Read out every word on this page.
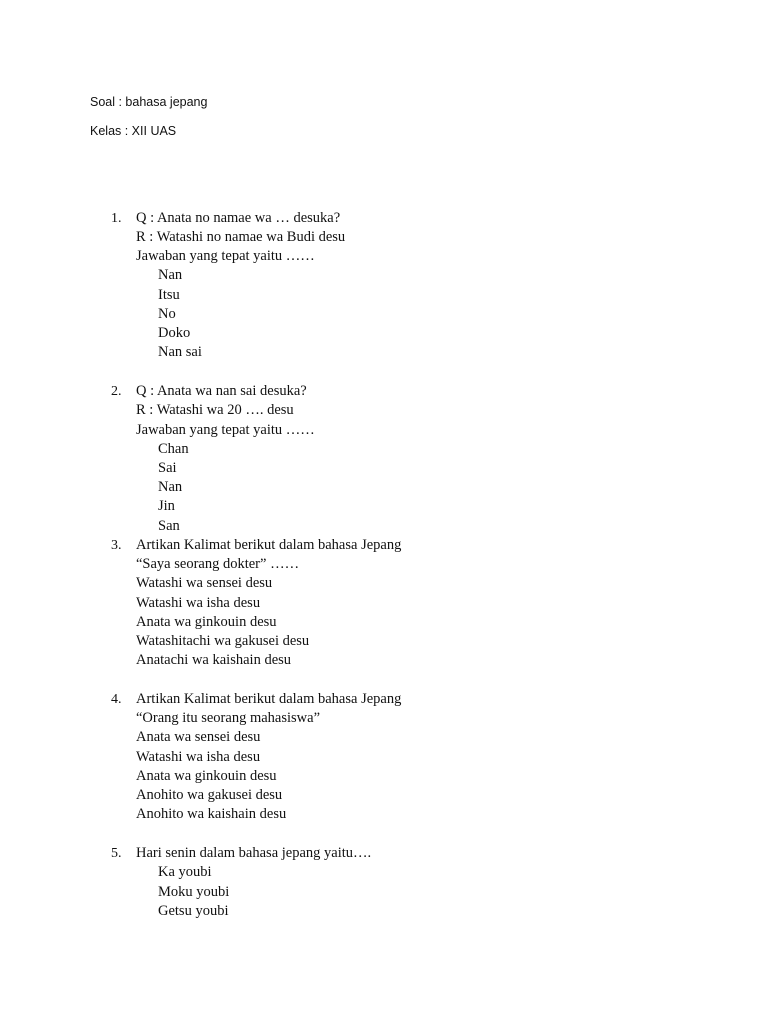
Soal : bahasa jepang
Kelas : XII UAS
1.	Q : Anata no namae wa … desuka?
R : Watashi no namae wa Budi desu
Jawaban yang tepat yaitu ……
Nan
Itsu
No
Doko
Nan sai
2.	Q : Anata wa nan sai desuka?
R : Watashi wa 20 …. desu
Jawaban yang tepat yaitu ……
Chan
Sai
Nan
Jin
San
3.	Artikan Kalimat berikut dalam bahasa Jepang
“Saya seorang dokter” ……
Watashi wa sensei desu
Watashi wa isha desu
Anata wa ginkouin desu
Watashitachi wa gakusei desu
Anatachi wa kaishain desu
4.	Artikan Kalimat berikut dalam bahasa Jepang
“Orang itu seorang mahasiswa”
Anata wa sensei desu
Watashi wa isha desu
Anata wa ginkouin desu
Anohito wa gakusei desu
Anohito wa kaishain desu
5.	Hari senin dalam bahasa jepang yaitu….
Ka youbi
Moku youbi
Getsu youbi
